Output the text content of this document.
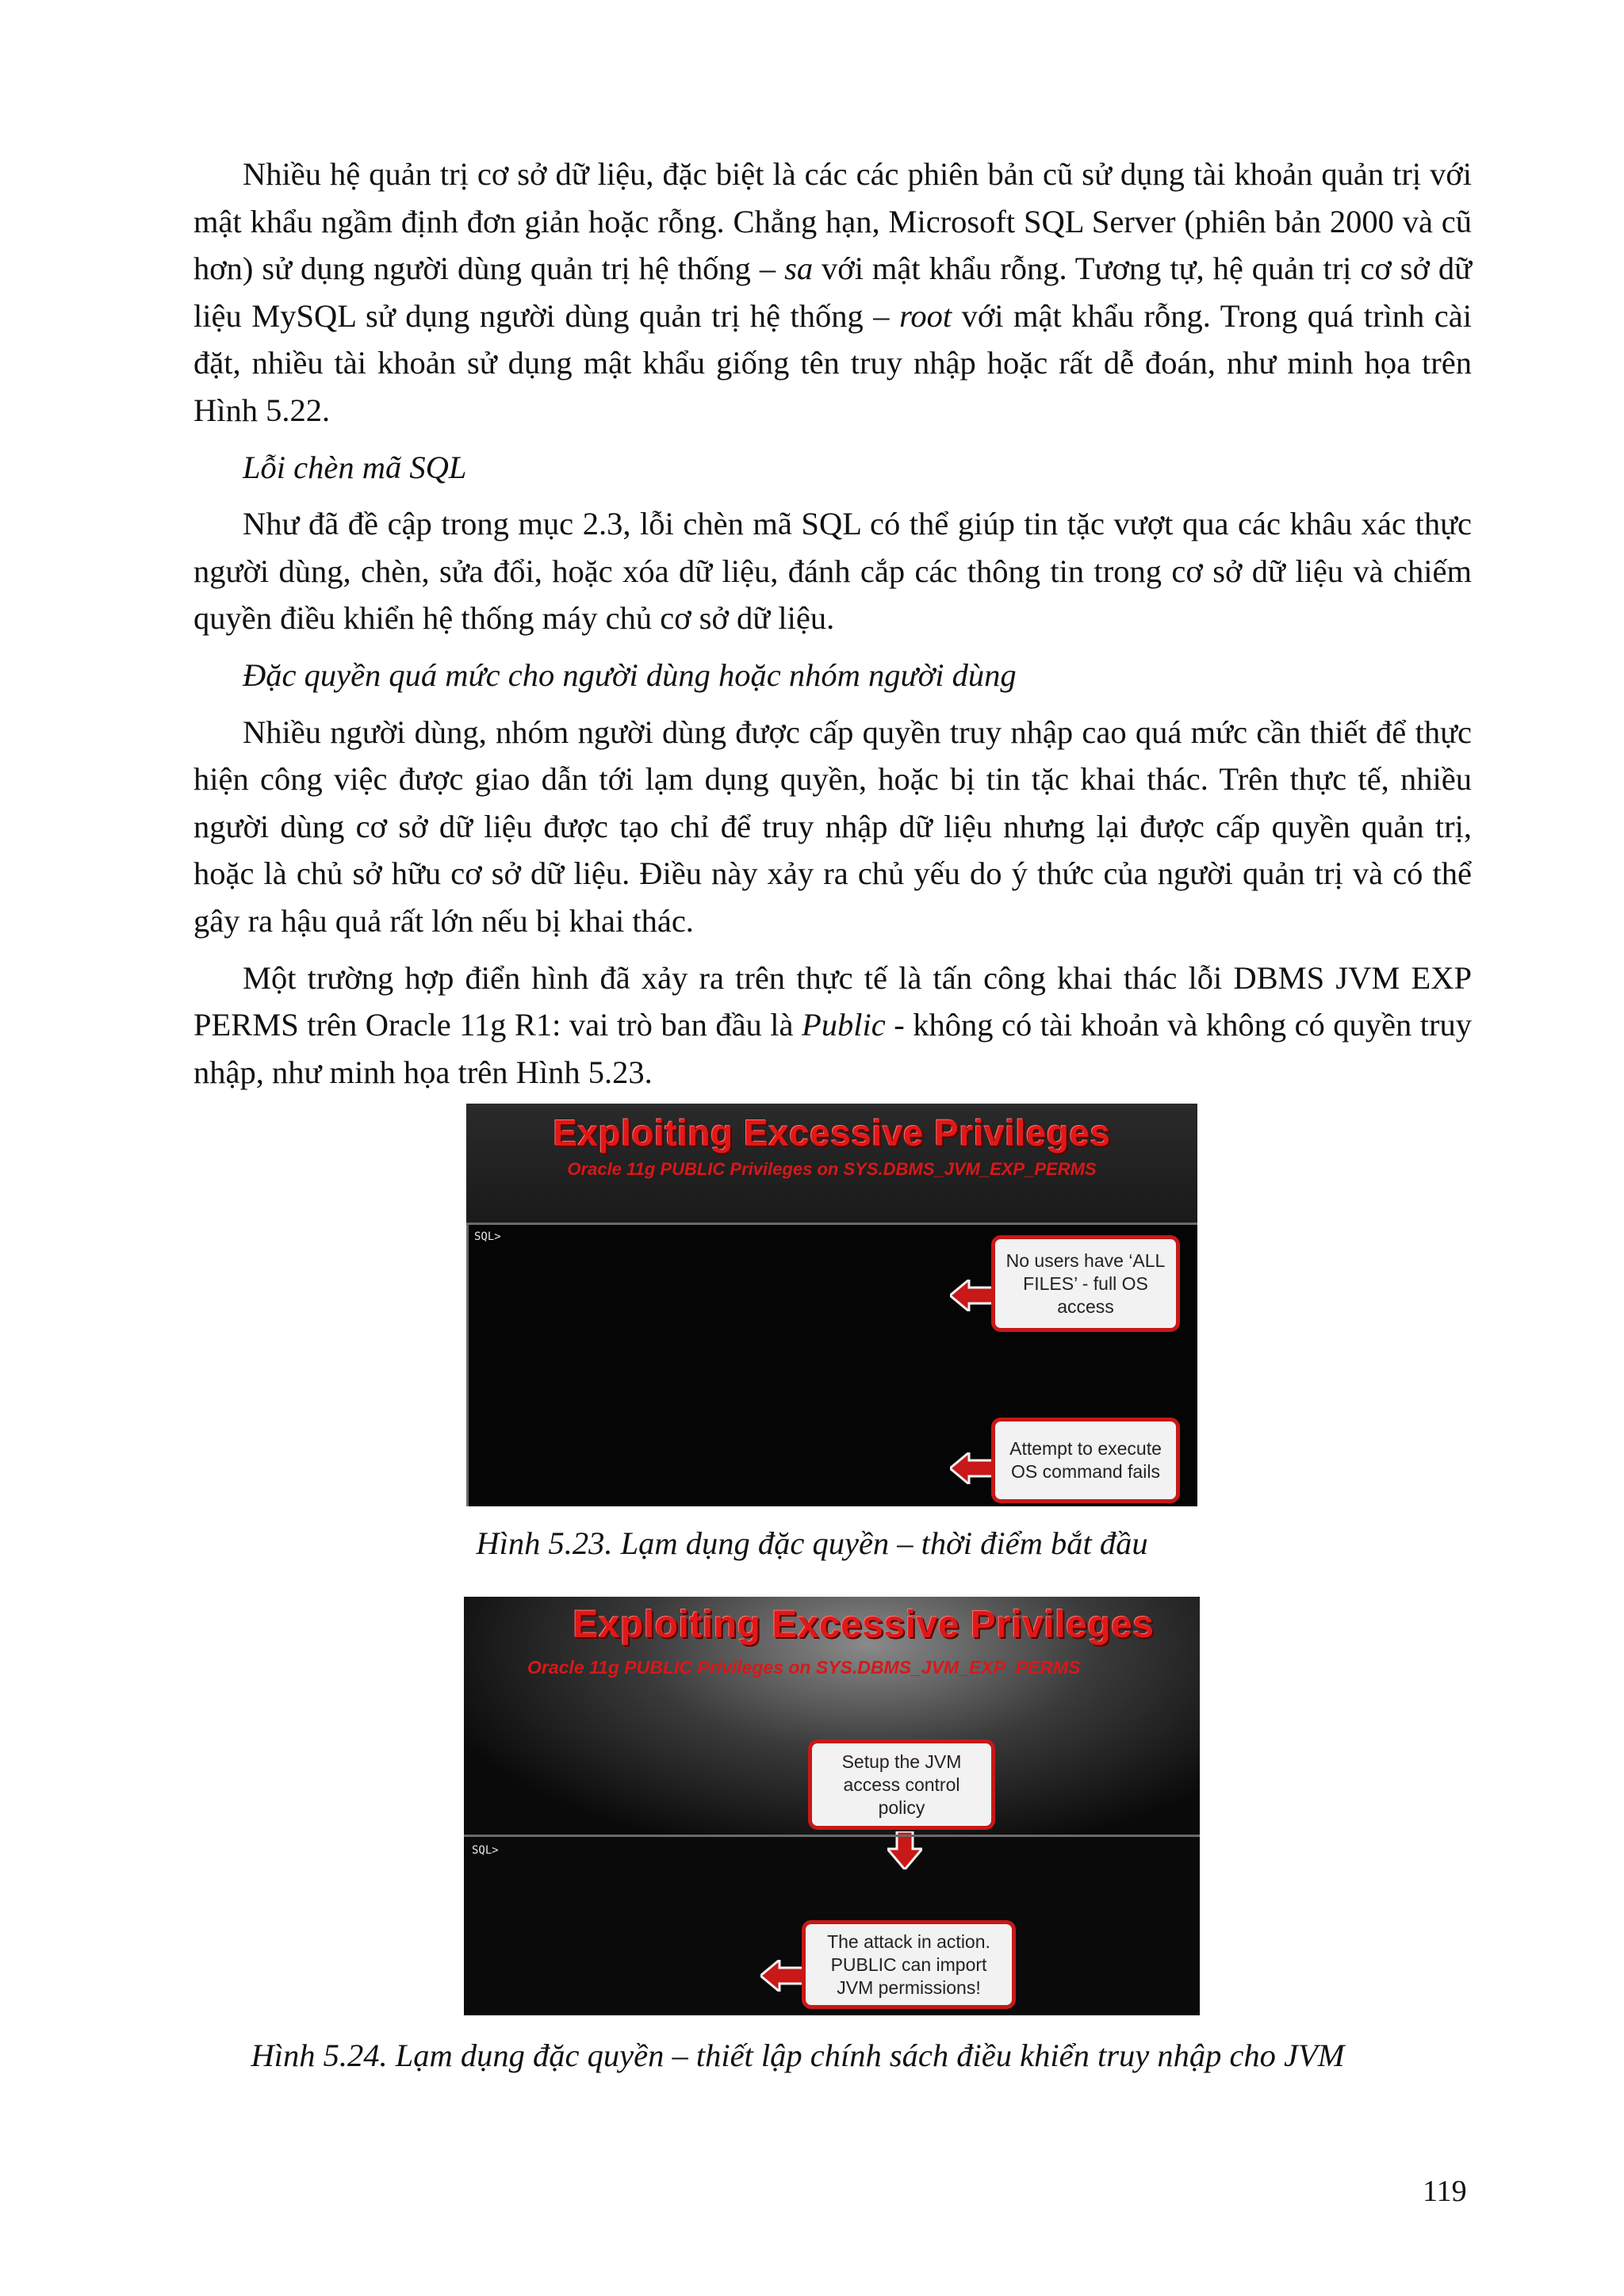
Nhiều hệ quản trị cơ sở dữ liệu, đặc biệt là các các phiên bản cũ sử dụng tài khoản quản trị với mật khẩu ngầm định đơn giản hoặc rỗng. Chẳng hạn, Microsoft SQL Server (phiên bản 2000 và cũ hơn) sử dụng người dùng quản trị hệ thống – sa với mật khẩu rỗng. Tương tự, hệ quản trị cơ sở dữ liệu MySQL sử dụng người dùng quản trị hệ thống – root với mật khẩu rỗng. Trong quá trình cài đặt, nhiều tài khoản sử dụng mật khẩu giống tên truy nhập hoặc rất dễ đoán, như minh họa trên Hình 5.22.

Lỗi chèn mã SQL

Như đã đề cập trong mục 2.3, lỗi chèn mã SQL có thể giúp tin tặc vượt qua các khâu xác thực người dùng, chèn, sửa đổi, hoặc xóa dữ liệu, đánh cắp các thông tin trong cơ sở dữ liệu và chiếm quyền điều khiển hệ thống máy chủ cơ sở dữ liệu.

Đặc quyền quá mức cho người dùng hoặc nhóm người dùng

Nhiều người dùng, nhóm người dùng được cấp quyền truy nhập cao quá mức cần thiết để thực hiện công việc được giao dẫn tới lạm dụng quyền, hoặc bị tin tặc khai thác. Trên thực tế, nhiều người dùng cơ sở dữ liệu được tạo chỉ để truy nhập dữ liệu nhưng lại được cấp quyền quản trị, hoặc là chủ sở hữu cơ sở dữ liệu. Điều này xảy ra chủ yếu do ý thức của người quản trị và có thể gây ra hậu quả rất lớn nếu bị khai thác.

Một trường hợp điển hình đã xảy ra trên thực tế là tấn công khai thác lỗi DBMS JVM EXP PERMS trên Oracle 11g R1: vai trò ban đầu là Public - không có tài khoản và không có quyền truy nhập, như minh họa trên Hình 5.23.

Exploiting Excessive Privileges
Oracle 11g PUBLIC Privileges on SYS.DBMS_JVM_EXP_PERMS
SQL>
No users have ‘ALL FILES’ - full OS access
Attempt to execute OS command fails
Hình 5.23. Lạm dụng đặc quyền – thời điểm bắt đầu
Exploiting Excessive Privileges
Oracle 11g PUBLIC Privileges on SYS.DBMS_JVM_EXP_PERMS
Setup the JVM access control policy
SQL>
The attack in action. PUBLIC can import JVM permissions!
Hình 5.24. Lạm dụng đặc quyền – thiết lập chính sách điều khiển truy nhập cho JVM
119
